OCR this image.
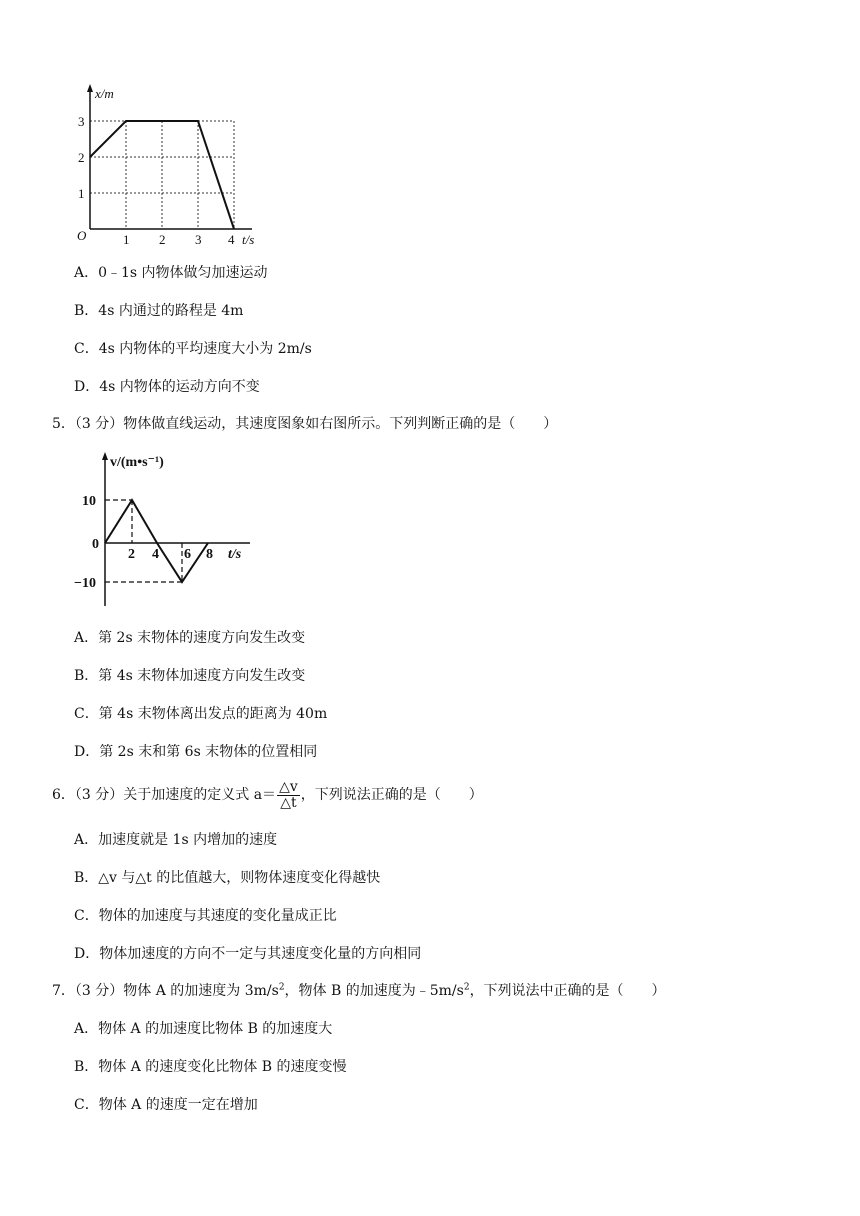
x/m
3
2
1
O	1 2 3 4 t/s
A．0﹣1s 内物体做匀加速运动
B．4s 内通过的路程是 4m
C．4s 内物体的平均速度大小为 2m/s
D．4s 内物体的运动方向不变
5．（3 分）物体做直线运动，其速度图象如右图所示。下列判断正确的是（　　）
v/(m•s⁻¹)
10
0
−10
2 4 6 8 t/s
A．第 2s 末物体的速度方向发生改变
B．第 4s 末物体加速度方向发生改变
C．第 4s 末物体离出发点的距离为 40m
D．第 2s 末和第 6s 末物体的位置相同
6．（3 分）关于加速度的定义式 $a= \frac{\triangle v}{\triangle t}$ ，下列说法正确的是（　　）
A．加速度就是 1s 内增加的速度
B．△v 与△t 的比值越大，则物体速度变化得越快
C．物体的加速度与其速度的变化量成正比
D．物体加速度的方向不一定与其速度变化量的方向相同
7．（3 分）物体 A 的加速度为 $3m/s^2$，物体 B 的加速度为$﹣5m/s^2$，下列说法中正确的是（　　）
A．物体 A 的加速度比物体 B 的加速度大
B．物体 A 的速度变化比物体 B 的速度变慢
C．物体 A 的速度一定在增加
